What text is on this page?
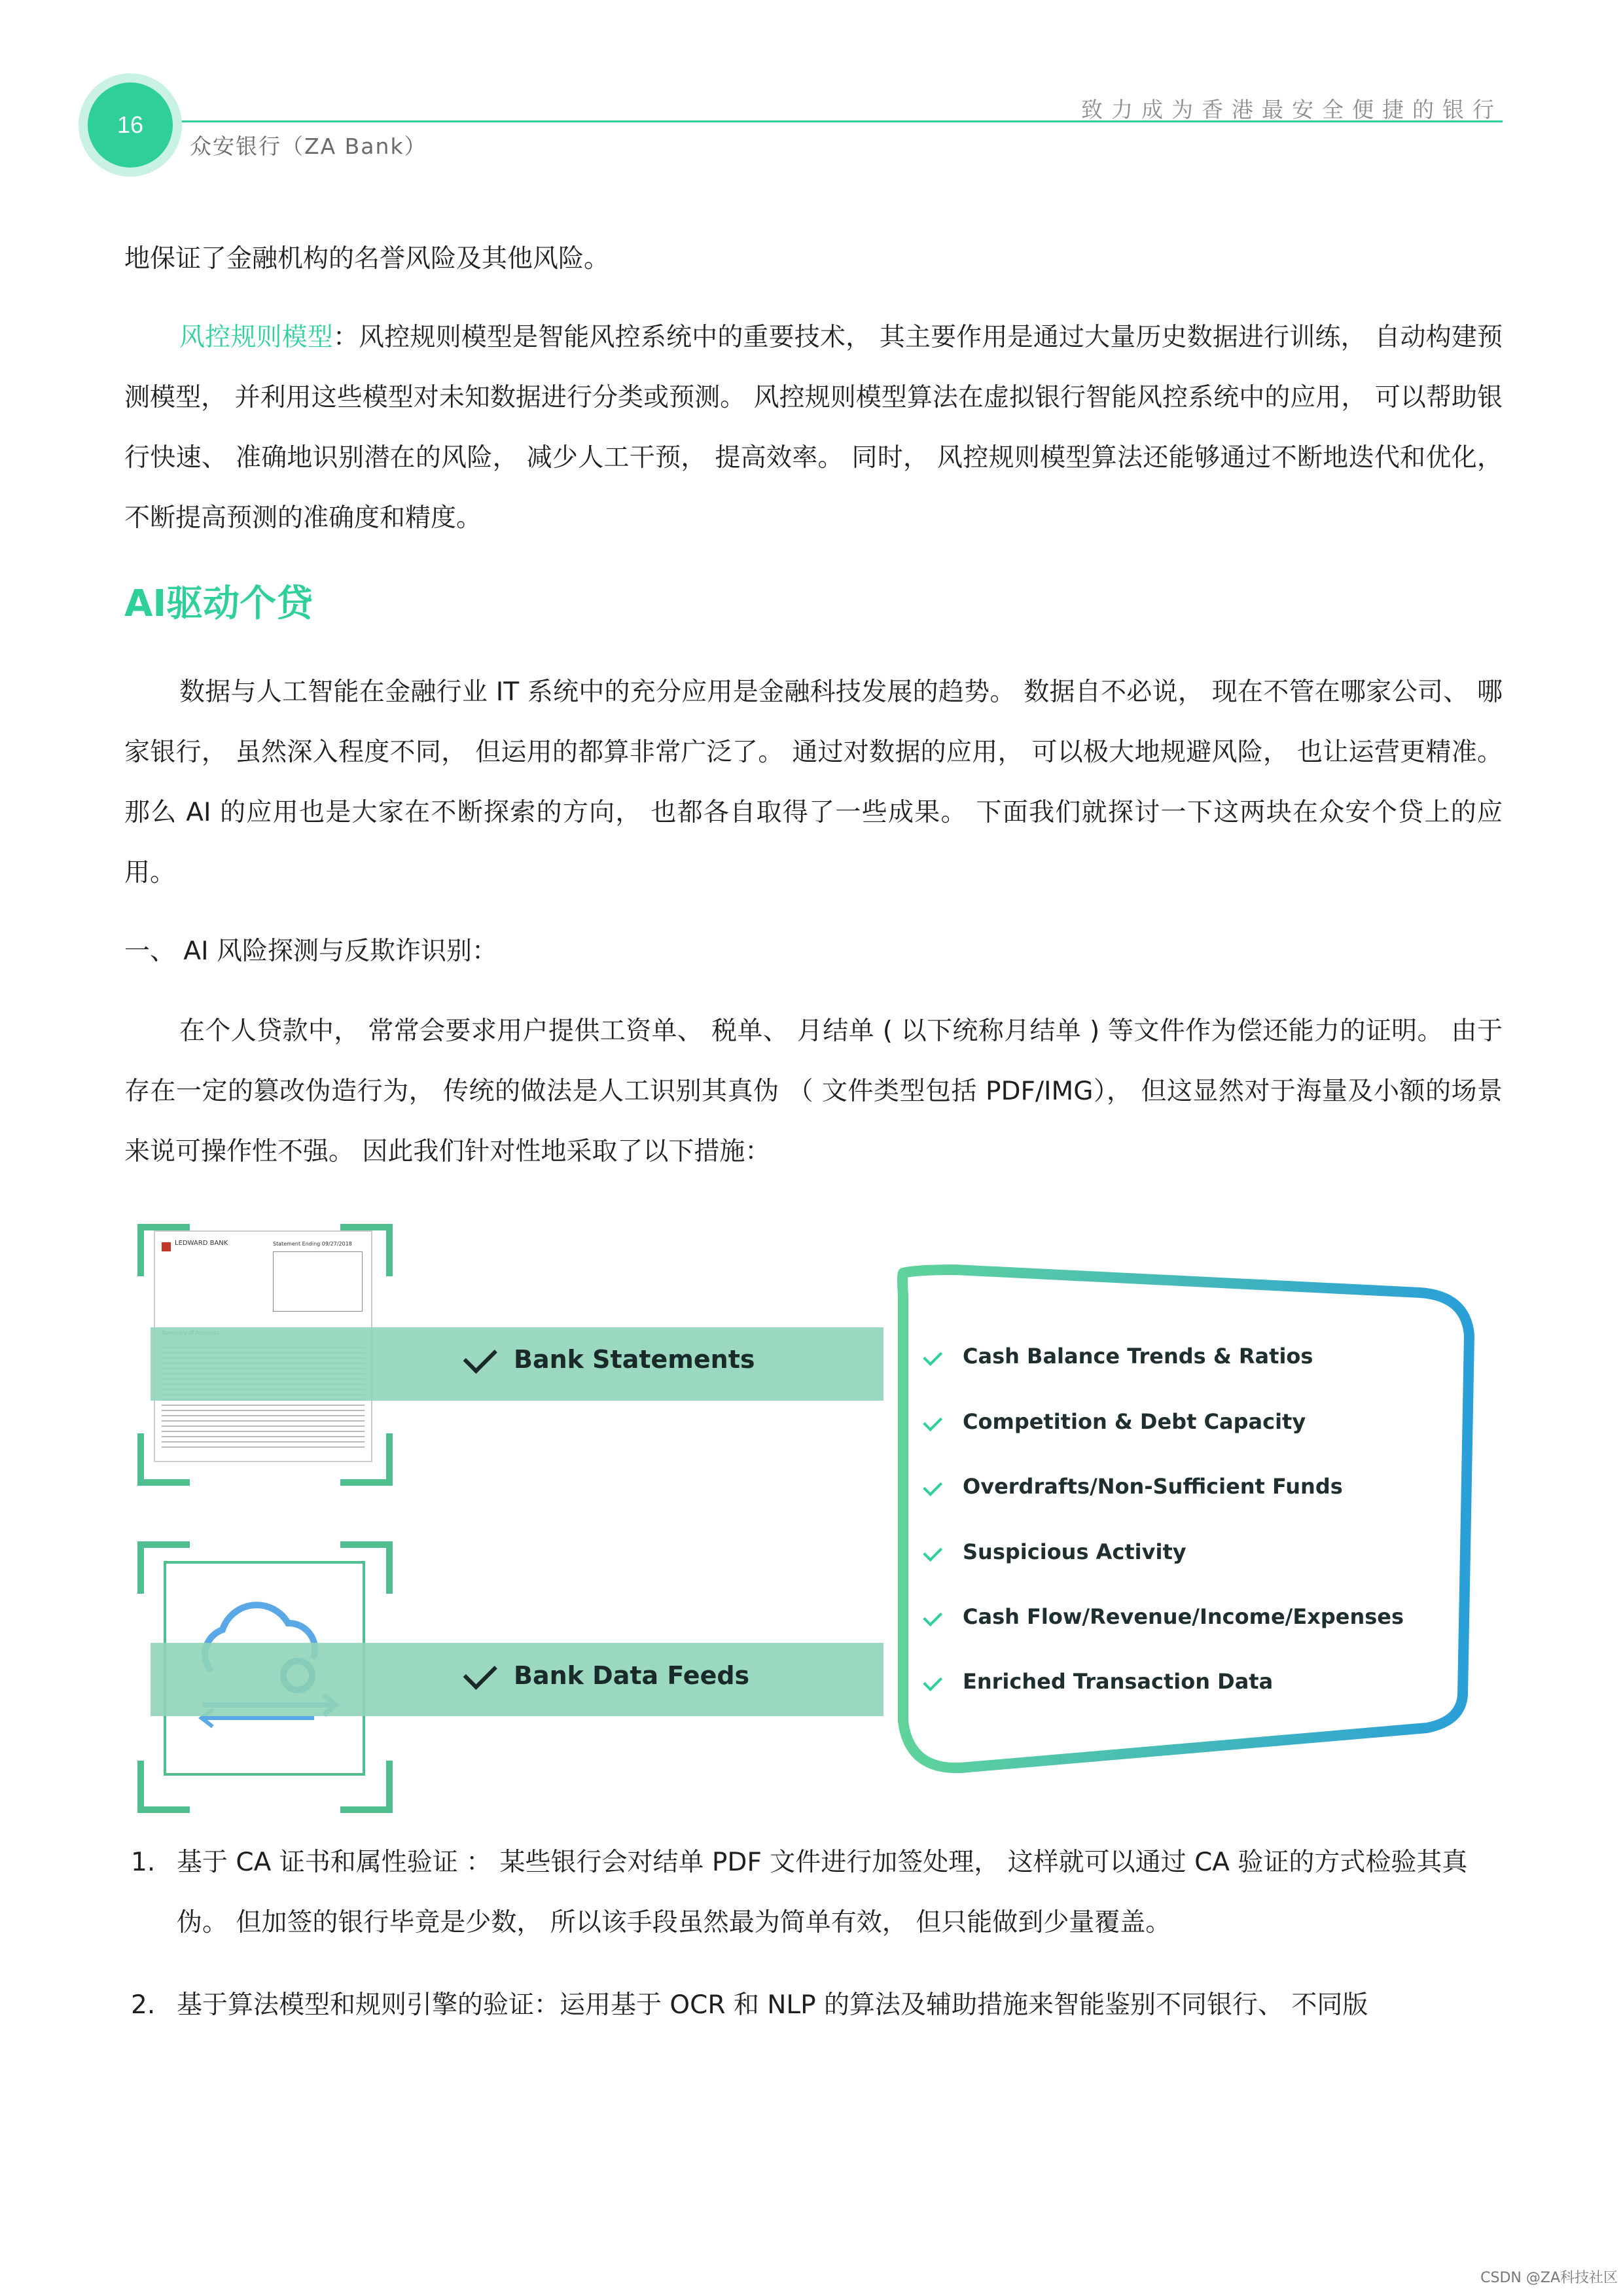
16
众安银行（ZA Bank）
致力成为香港最安全便捷的银行

地保证了金融机构的名誉风险及其他风险。

风控规则模型：风控规则模型是智能风控系统中的重要技术， 其主要作用是通过大量历史数据进行训练， 自动构建预测模型， 并利用这些模型对未知数据进行分类或预测。 风控规则模型算法在虚拟银行智能风控系统中的应用， 可以帮助银行快速、 准确地识别潜在的风险， 减少人工干预， 提高效率。 同时， 风控规则模型算法还能够通过不断地迭代和优化， 不断提高预测的准确度和精度。

AI驱动个贷

数据与人工智能在金融行业 IT 系统中的充分应用是金融科技发展的趋势。 数据自不必说， 现在不管在哪家公司、 哪家银行， 虽然深入程度不同， 但运用的都算非常广泛了。 通过对数据的应用， 可以极大地规避风险， 也让运营更精准。 那么 AI 的应用也是大家在不断探索的方向， 也都各自取得了一些成果。 下面我们就探讨一下这两块在众安个贷上的应用。

一、 AI 风险探测与反欺诈识别：

在个人贷款中， 常常会要求用户提供工资单、 税单、 月结单 ( 以下统称月结单 ) 等文件作为偿还能力的证明。 由于存在一定的篡改伪造行为， 传统的做法是人工识别其真伪 （ 文件类型包括 PDF/IMG）， 但这显然对于海量及小额的场景来说可操作性不强。 因此我们针对性地采取了以下措施：

LEDWARD BANK	Statement Ending 09/27/2018
Bank Statements
Bank Data Feeds
Cash Balance Trends & Ratios
Competition & Debt Capacity
Overdrafts/Non-Sufficient Funds
Suspicious Activity
Cash Flow/Revenue/Income/Expenses
Enriched Transaction Data

1. 基于 CA 证书和属性验证 ： 某些银行会对结单 PDF 文件进行加签处理， 这样就可以通过 CA 验证的方式检验其真伪。 但加签的银行毕竟是少数， 所以该手段虽然最为简单有效， 但只能做到少量覆盖。

2. 基于算法模型和规则引擎的验证：运用基于 OCR 和 NLP 的算法及辅助措施来智能鉴别不同银行、 不同版

CSDN @ZA科技社区
